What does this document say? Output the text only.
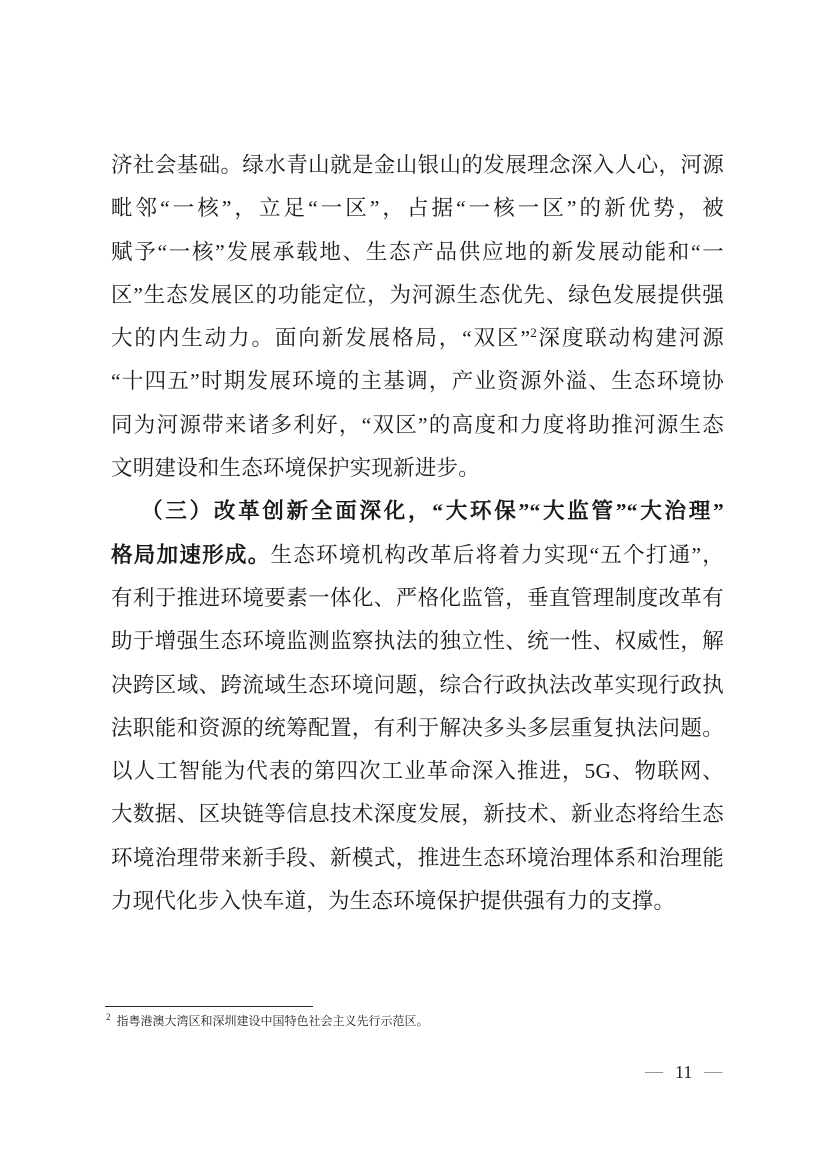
济社会基础。绿水青山就是金山银山的发展理念深入人心，河源
毗邻“一核”，立足“一区”，占据“一核一区”的新优势，被
赋予“一核”发展承载地、生态产品供应地的新发展动能和“一
区”生态发展区的功能定位，为河源生态优先、绿色发展提供强
大的内生动力。面向新发展格局，“双区”$^2$深度联动构建河源
“十四五”时期发展环境的主基调，产业资源外溢、生态环境协
同为河源带来诸多利好，“双区”的高度和力度将助推河源生态
文明建设和生态环境保护实现新进步。
（三）改革创新全面深化，“大环保”“大监管”“大治理”
格局加速形成。生态环境机构改革后将着力实现“五个打通”，
有利于推进环境要素一体化、严格化监管，垂直管理制度改革有
助于增强生态环境监测监察执法的独立性、统一性、权威性，解
决跨区域、跨流域生态环境问题，综合行政执法改革实现行政执
法职能和资源的统筹配置，有利于解决多头多层重复执法问题。
以人工智能为代表的第四次工业革命深入推进，5G、物联网、
大数据、区块链等信息技术深度发展，新技术、新业态将给生态
环境治理带来新手段、新模式，推进生态环境治理体系和治理能
力现代化步入快车道，为生态环境保护提供强有力的支撑。
$^2$ 指粤港澳大湾区和深圳建设中国特色社会主义先行示范区。
— 11 —
